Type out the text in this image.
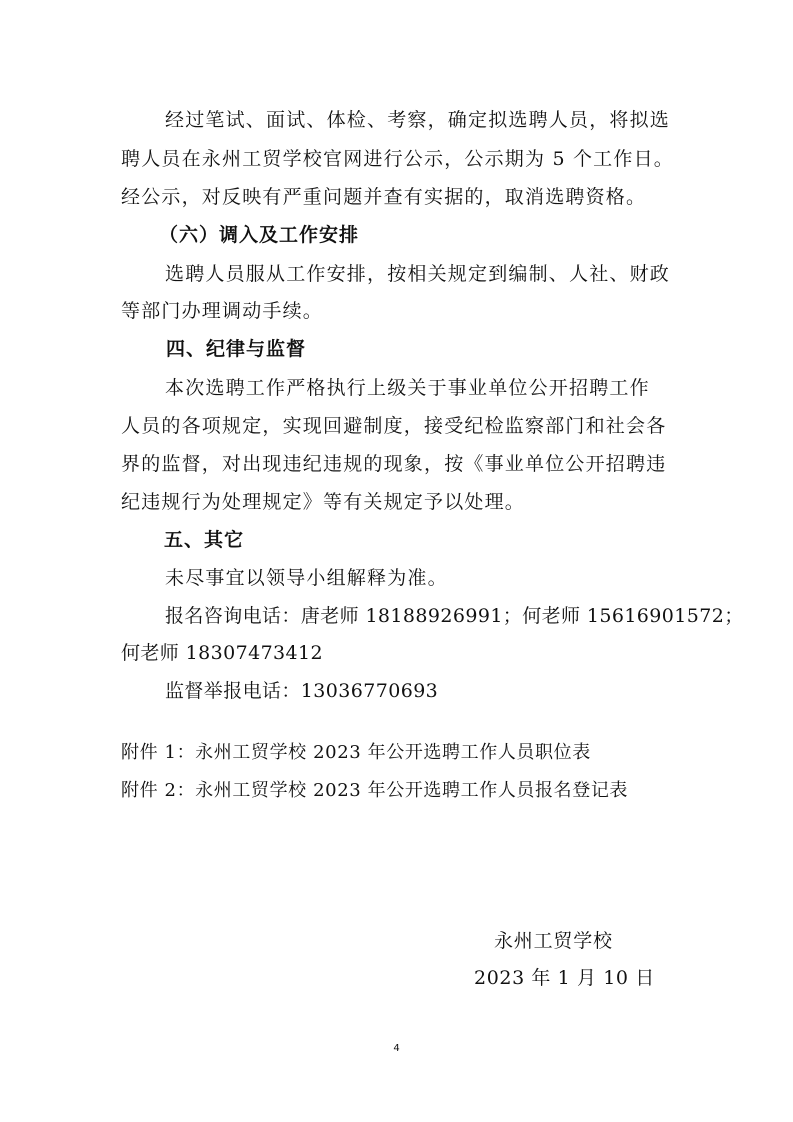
经过笔试、面试、体检、考察，确定拟选聘人员，将拟选
聘人员在永州工贸学校官网进行公示，公示期为 5 个工作日。
经公示，对反映有严重问题并查有实据的，取消选聘资格。
（六）调入及工作安排
选聘人员服从工作安排，按相关规定到编制、人社、财政
等部门办理调动手续。
四、纪律与监督
本次选聘工作严格执行上级关于事业单位公开招聘工作
人员的各项规定，实现回避制度，接受纪检监察部门和社会各
界的监督，对出现违纪违规的现象，按《事业单位公开招聘违
纪违规行为处理规定》等有关规定予以处理。
五、其它
未尽事宜以领导小组解释为准。
报名咨询电话：唐老师 18188926991；何老师 15616901572；
何老师 18307473412
监督举报电话：13036770693
附件 1：永州工贸学校 2023 年公开选聘工作人员职位表
附件 2：永州工贸学校 2023 年公开选聘工作人员报名登记表
永州工贸学校
2023 年 1 月 10 日
4
